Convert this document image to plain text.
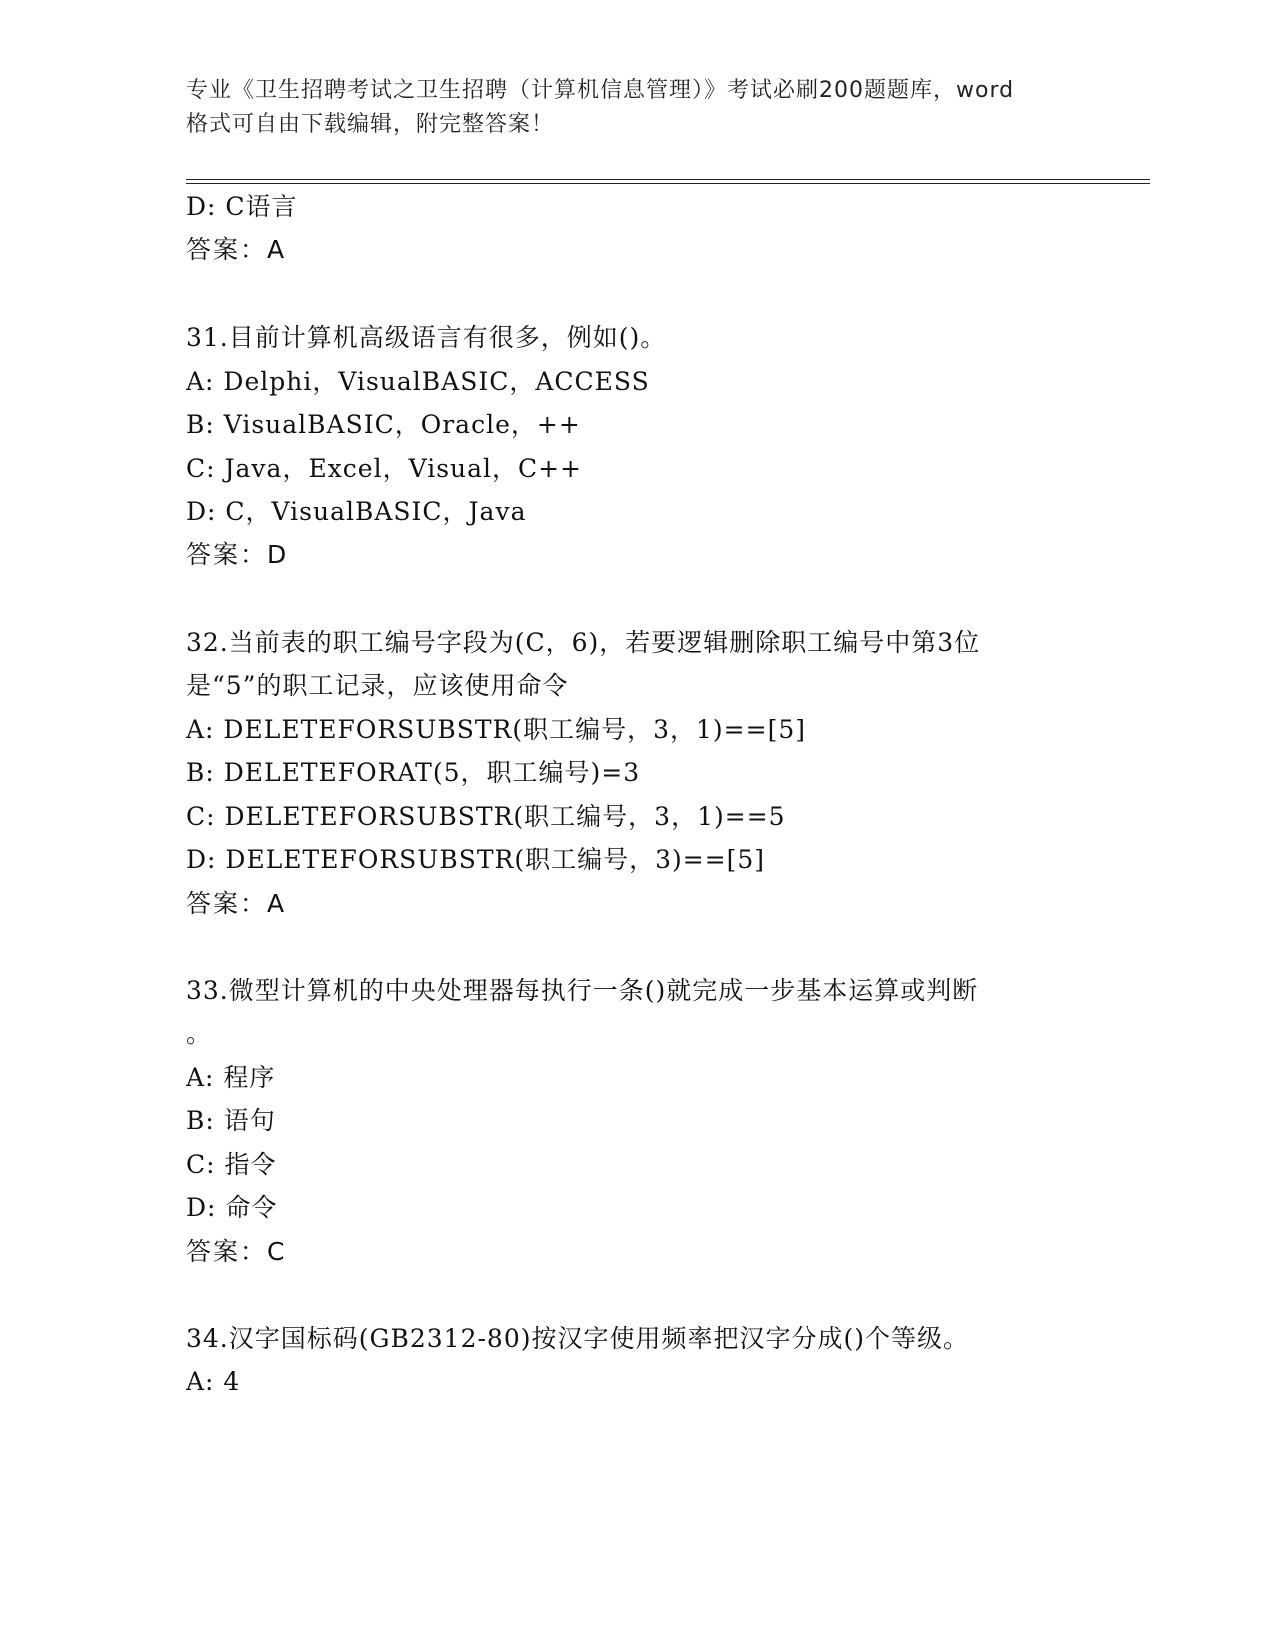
专业《卫生招聘考试之卫生招聘（计算机信息管理）》考试必刷200题题库，word
格式可自由下载编辑，附完整答案！
D: C语言
答案：A
31.目前计算机高级语言有很多，例如()。
A: Delphi，VisualBASIC，ACCESS
B: VisualBASIC，Oracle，++
C: Java，Excel，Visual，C++
D: C，VisualBASIC，Java
答案：D
32.当前表的职工编号字段为(C，6)，若要逻辑删除职工编号中第3位
是“5”的职工记录，应该使用命令
A: DELETEFORSUBSTR(职工编号，3，1)==[5]
B: DELETEFORAT(5，职工编号)=3
C: DELETEFORSUBSTR(职工编号，3，1)==5
D: DELETEFORSUBSTR(职工编号，3)==[5]
答案：A
33.微型计算机的中央处理器每执行一条()就完成一步基本运算或判断
。
A: 程序
B: 语句
C: 指令
D: 命令
答案：C
34.汉字国标码(GB2312-80)按汉字使用频率把汉字分成()个等级。
A: 4
